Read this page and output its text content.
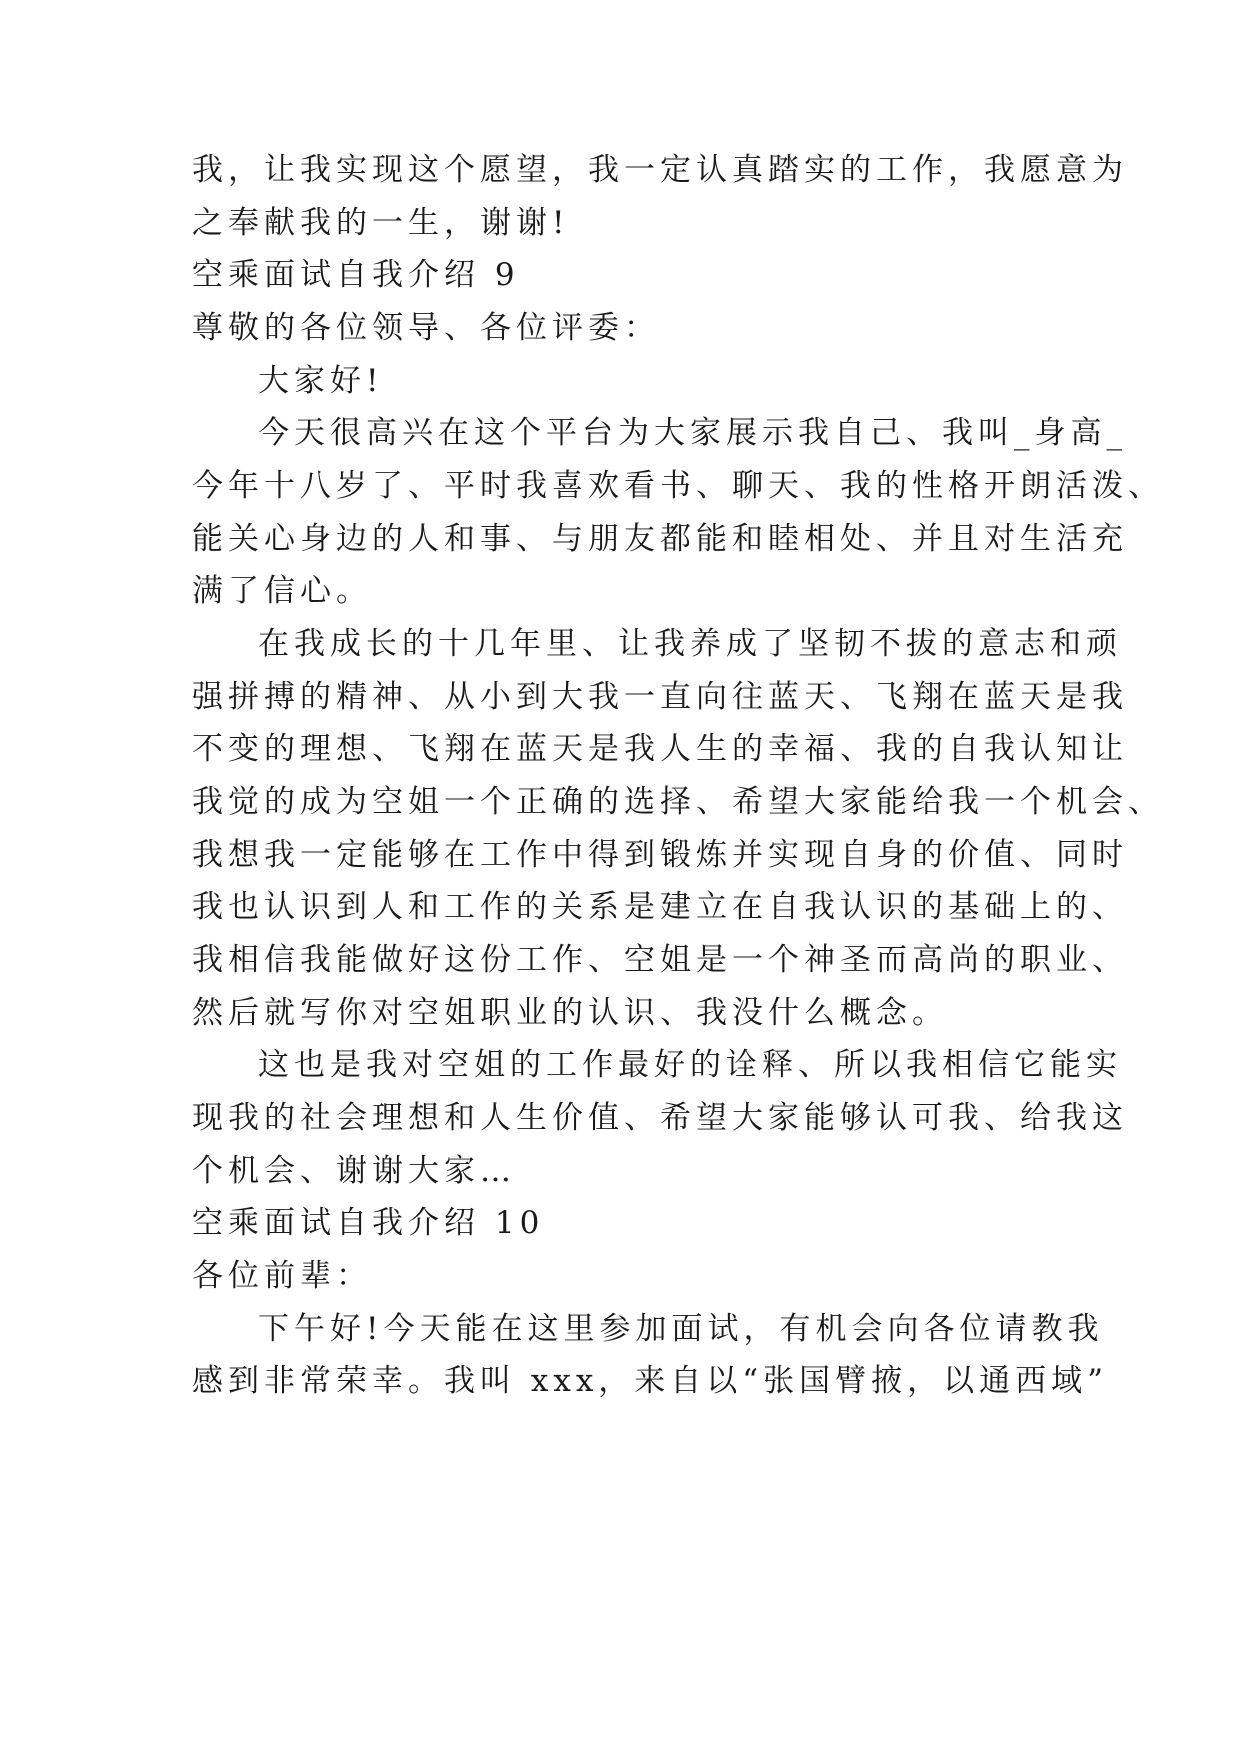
我，让我实现这个愿望，我一定认真踏实的工作，我愿意为
之奉献我的一生，谢谢!
空乘面试自我介绍 9
尊敬的各位领导、各位评委：
大家好!
今天很高兴在这个平台为大家展示我自己、我叫_身高_
今年十八岁了、平时我喜欢看书、聊天、我的性格开朗活泼、
能关心身边的人和事、与朋友都能和睦相处、并且对生活充
满了信心。
在我成长的十几年里、让我养成了坚韧不拔的意志和顽
强拼搏的精神、从小到大我一直向往蓝天、飞翔在蓝天是我
不变的理想、飞翔在蓝天是我人生的幸福、我的自我认知让
我觉的成为空姐一个正确的选择、希望大家能给我一个机会、
我想我一定能够在工作中得到锻炼并实现自身的价值、同时
我也认识到人和工作的关系是建立在自我认识的基础上的、
我相信我能做好这份工作、空姐是一个神圣而高尚的职业、
然后就写你对空姐职业的认识、我没什么概念。
这也是我对空姐的工作最好的诠释、所以我相信它能实
现我的社会理想和人生价值、希望大家能够认可我、给我这
个机会、谢谢大家…
空乘面试自我介绍 10
各位前辈：
下午好!今天能在这里参加面试，有机会向各位请教我
感到非常荣幸。我叫 xxx，来自以“张国臂掖，以通西域”
